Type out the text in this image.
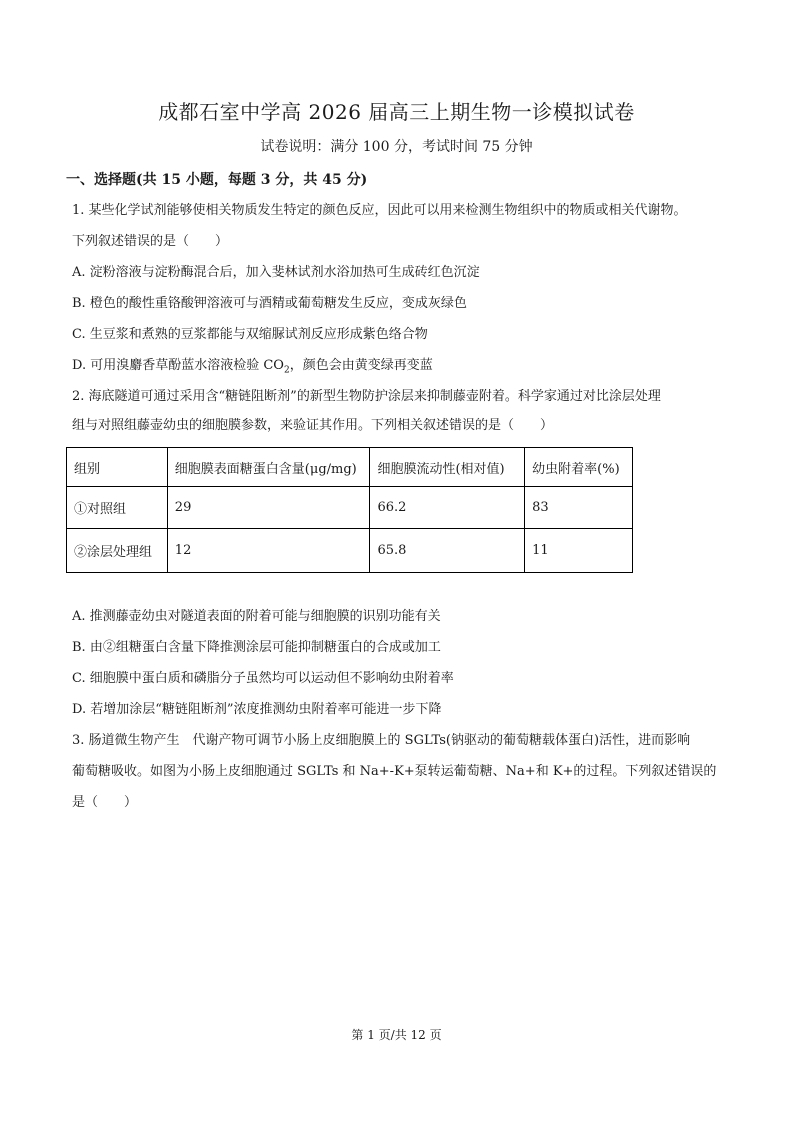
成都石室中学高 2026 届高三上期生物一诊模拟试卷
试卷说明：满分 100 分，考试时间 75 分钟
一、选择题(共 15 小题，每题 3 分，共 45 分)
1. 某些化学试剂能够使相关物质发生特定的颜色反应，因此可以用来检测生物组织中的物质或相关代谢物。
下列叙述错误的是（　　）
A. 淀粉溶液与淀粉酶混合后，加入斐林试剂水浴加热可生成砖红色沉淀
B. 橙色的酸性重铬酸钾溶液可与酒精或葡萄糖发生反应，变成灰绿色
C. 生豆浆和煮熟的豆浆都能与双缩脲试剂反应形成紫色络合物
D. 可用溴麝香草酚蓝水溶液检验 $CO_2$，颜色会由黄变绿再变蓝
2. 海底隧道可通过采用含“糖链阻断剂”的新型生物防护涂层来抑制藤壶附着。科学家通过对比涂层处理
组与对照组藤壶幼虫的细胞膜参数，来验证其作用。下列相关叙述错误的是（　　）
组别	细胞膜表面糖蛋白含量(μg/mg)	细胞膜流动性(相对值)	幼虫附着率(%)
①对照组	29	66.2	83
②涂层处理组	12	65.8	11
A. 推测藤壶幼虫对隧道表面的附着可能与细胞膜的识别功能有关
B. 由②组糖蛋白含量下降推测涂层可能抑制糖蛋白的合成或加工
C. 细胞膜中蛋白质和磷脂分子虽然均可以运动但不影响幼虫附着率
D. 若增加涂层“糖链阻断剂”浓度推测幼虫附着率可能进一步下降
3. 肠道微生物产生　代谢产物可调节小肠上皮细胞膜上的 SGLTs(钠驱动的葡萄糖载体蛋白)活性，进而影响
葡萄糖吸收。如图为小肠上皮细胞通过 SGLTs 和 Na+-K+泵转运葡萄糖、Na+和 K+的过程。下列叙述错误的
是（　　）
第 1 页/共 12 页
